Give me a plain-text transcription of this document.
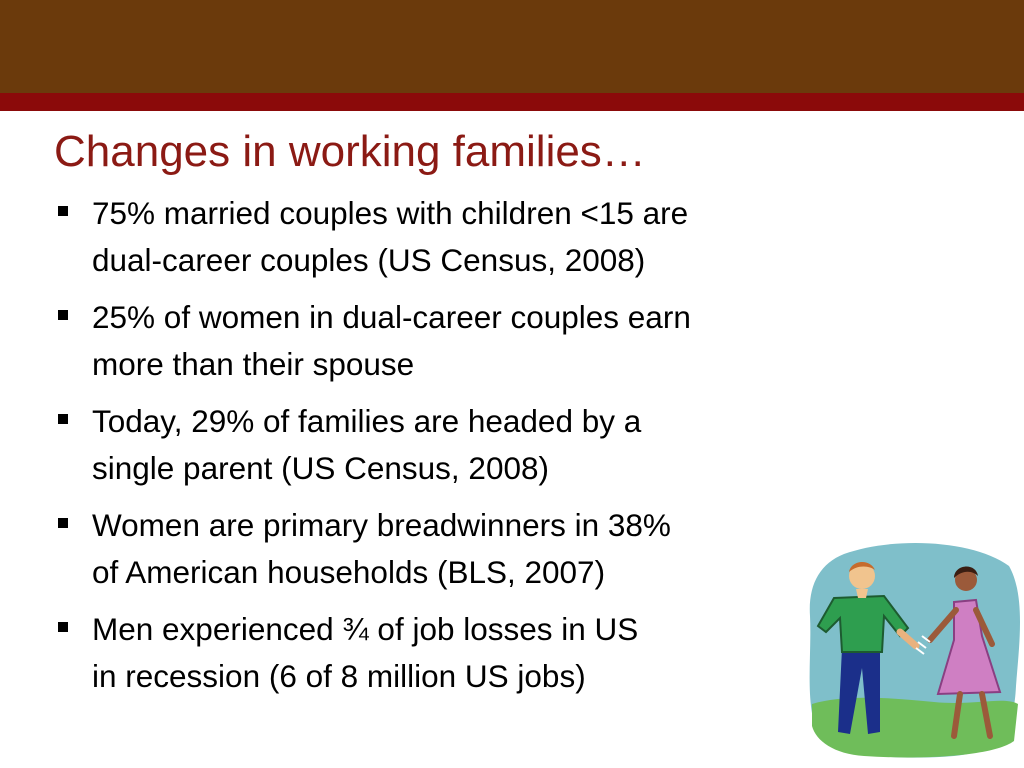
Changes in working families…
75% married couples with children <15 are
dual-career couples (US Census, 2008)
25% of women in dual-career couples earn
more than their spouse
Today, 29% of families are headed by a
single parent (US Census, 2008)
Women are primary breadwinners in 38%
of American households (BLS, 2007)
Men experienced ¾ of job losses in US
in recession (6 of 8 million US jobs)
